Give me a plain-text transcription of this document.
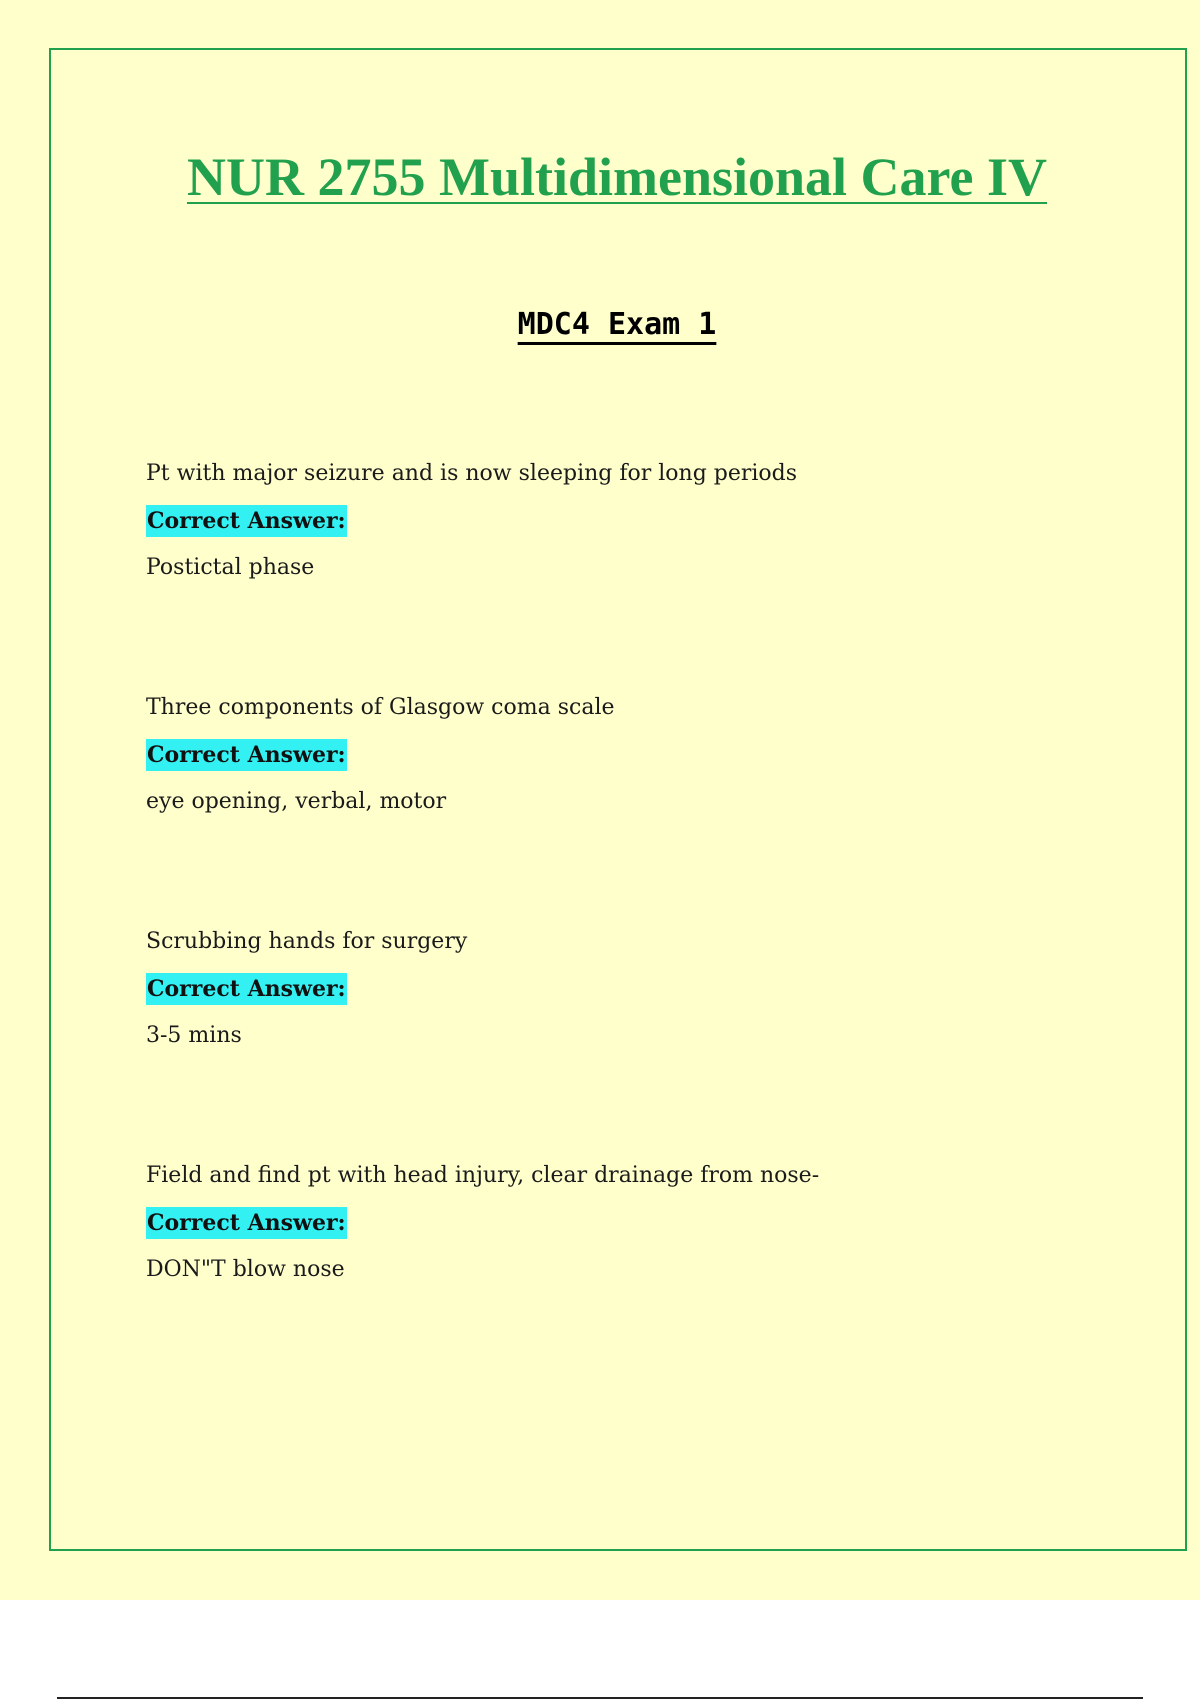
NUR 2755 Multidimensional Care IV
MDC4 Exam 1
Pt with major seizure and is now sleeping for long periods
Correct Answer:
Postictal phase
Three components of Glasgow coma scale
Correct Answer:
eye opening, verbal, motor
Scrubbing hands for surgery
Correct Answer:
3-5 mins
Field and find pt with head injury, clear drainage from nose-
Correct Answer:
DON"T blow nose
